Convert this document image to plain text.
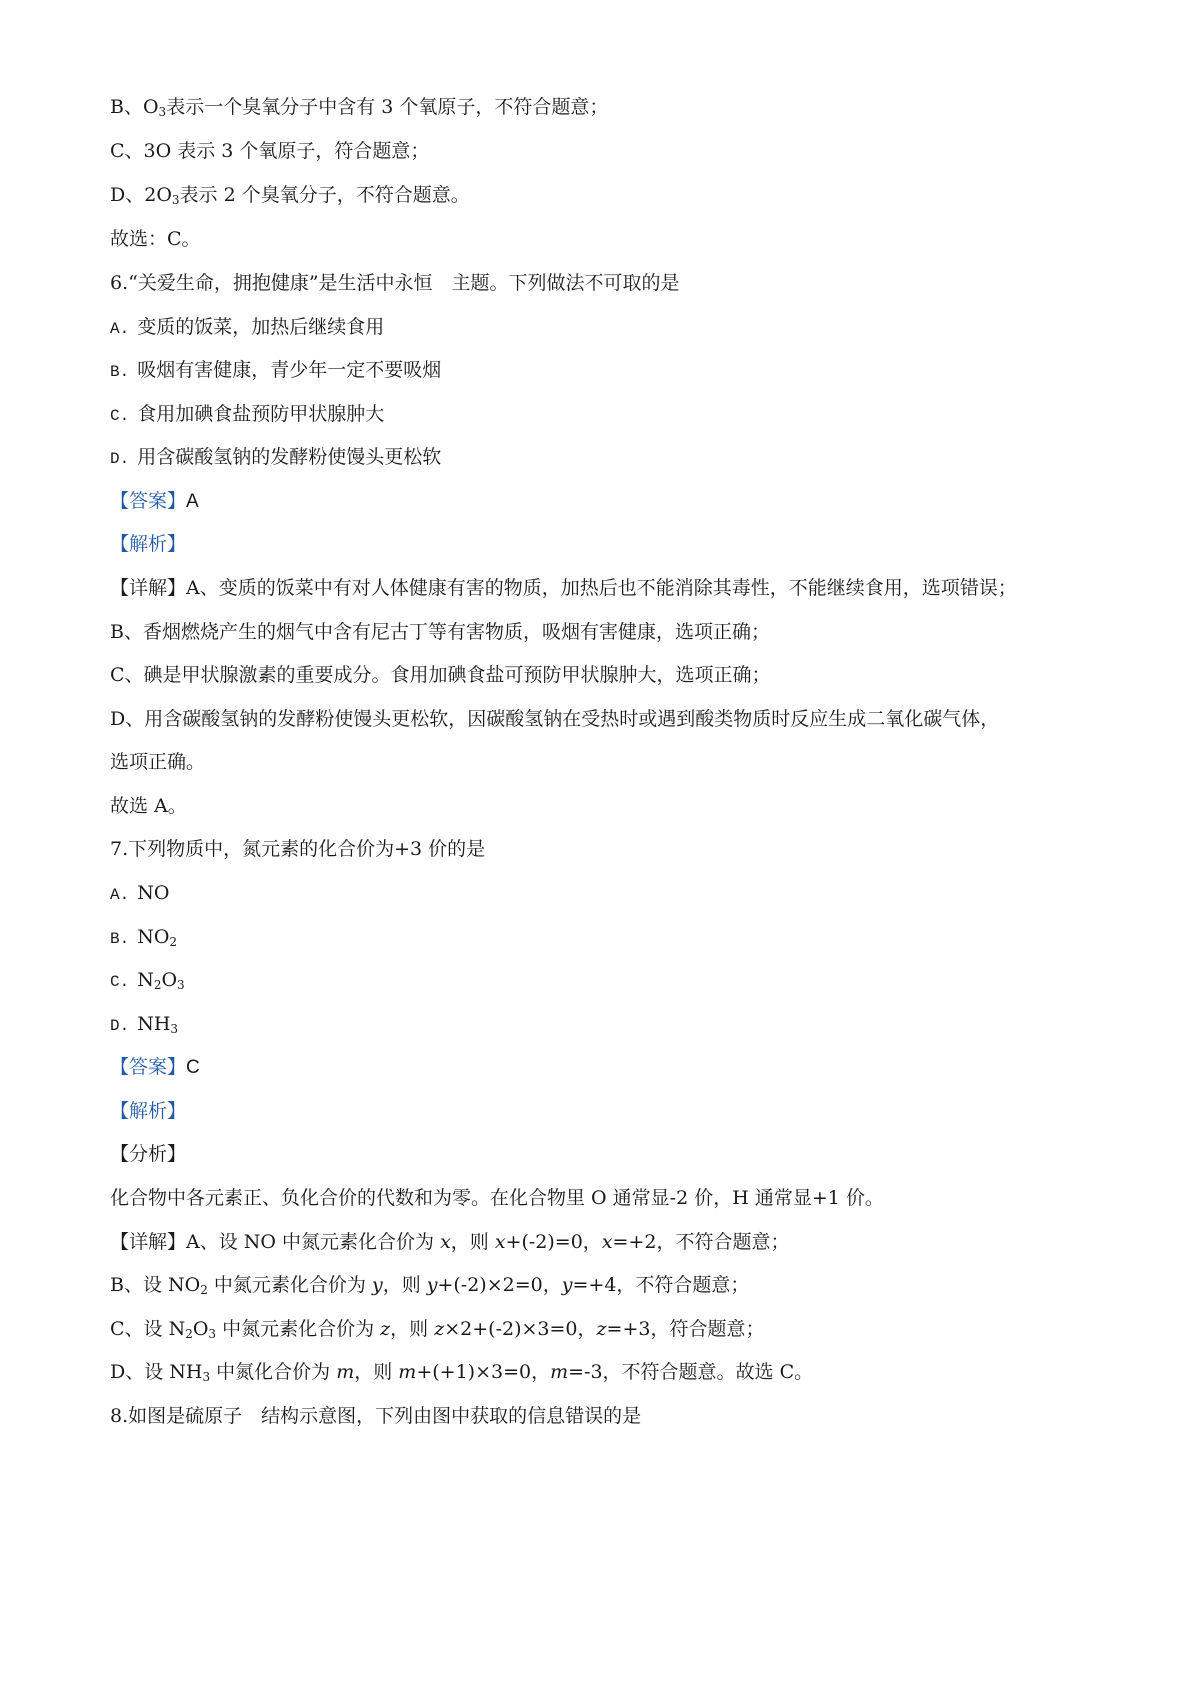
B、$O_3$表示一个臭氧分子中含有 3 个氧原子，不符合题意；
C、3O 表示 3 个氧原子，符合题意；
D、$2O_3$表示 2 个臭氧分子，不符合题意。
故选：C。
6.“关爱生命，拥抱健康”是生活中永恒　主题。下列做法不可取的是
A. 变质的饭菜，加热后继续食用
B. 吸烟有害健康，青少年一定不要吸烟
C. 食用加碘食盐预防甲状腺肿大
D. 用含碳酸氢钠的发酵粉使馒头更松软
【答案】A
【解析】
【详解】A、变质的饭菜中有对人体健康有害的物质，加热后也不能消除其毒性，不能继续食用，选项错误；
B、香烟燃烧产生的烟气中含有尼古丁等有害物质，吸烟有害健康，选项正确；
C、碘是甲状腺激素的重要成分。食用加碘食盐可预防甲状腺肿大，选项正确；
D、用含碳酸氢钠的发酵粉使馒头更松软，因碳酸氢钠在受热时或遇到酸类物质时反应生成二氧化碳气体，
选项正确。
故选 A。
7.下列物质中，氮元素的化合价为+3 价的是
A. NO
B. $NO_2$
C. $N_2O_3$
D. $NH_3$
【答案】C
【解析】
【分析】
化合物中各元素正、负化合价的代数和为零。在化合物里 O 通常显-2 价，H 通常显+1 价。
【详解】A、设 NO 中氮元素化合价为 x，则 x+(-2)=0，x=+2，不符合题意；
B、设 $NO_2$ 中氮元素化合价为 y，则 y+(-2)×2=0，y=+4，不符合题意；
C、设 $N_2O_3$ 中氮元素化合价为 z，则 z×2+(-2)×3=0，z=+3，符合题意；
D、设 $NH_3$ 中氮化合价为 m，则 m+(+1)×3=0，m=-3，不符合题意。故选 C。
8.如图是硫原子　结构示意图，下列由图中获取的信息错误的是
